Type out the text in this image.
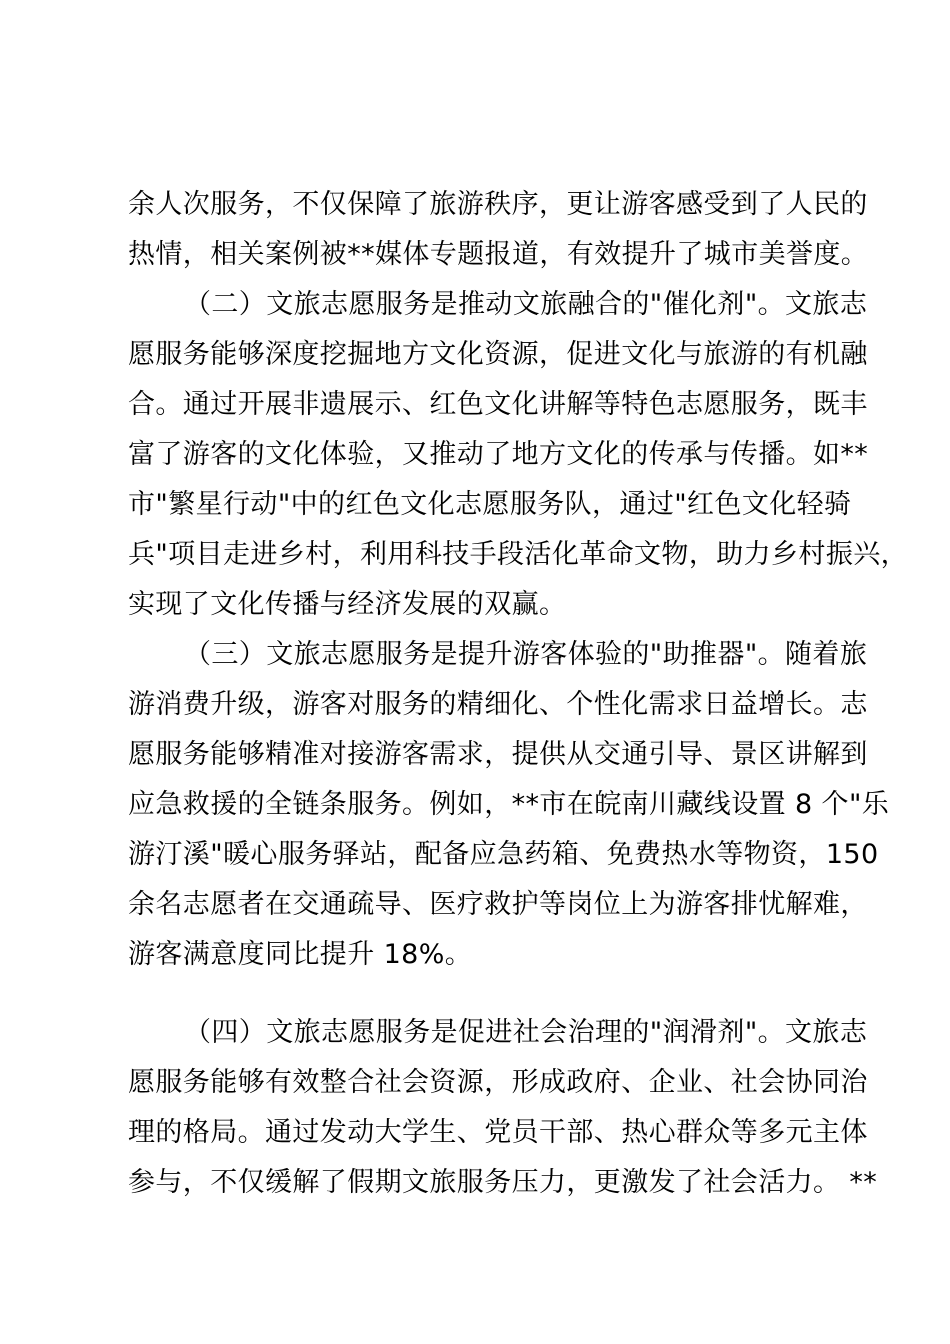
余人次服务，不仅保障了旅游秩序，更让游客感受到了人民的
热情，相关案例被**媒体专题报道，有效提升了城市美誉度。
（二）文旅志愿服务是推动文旅融合的"催化剂"。文旅志
愿服务能够深度挖掘地方文化资源，促进文化与旅游的有机融
合。通过开展非遗展示、红色文化讲解等特色志愿服务，既丰
富了游客的文化体验，又推动了地方文化的传承与传播。如**
市"繁星行动"中的红色文化志愿服务队，通过"红色文化轻骑
兵"项目走进乡村，利用科技手段活化革命文物，助力乡村振兴，
实现了文化传播与经济发展的双赢。
（三）文旅志愿服务是提升游客体验的"助推器"。随着旅
游消费升级，游客对服务的精细化、个性化需求日益增长。志
愿服务能够精准对接游客需求，提供从交通引导、景区讲解到
应急救援的全链条服务。例如，**市在皖南川藏线设置 8 个"乐
游汀溪"暖心服务驿站，配备应急药箱、免费热水等物资，150
余名志愿者在交通疏导、医疗救护等岗位上为游客排忧解难，
游客满意度同比提升 18%。
（四）文旅志愿服务是促进社会治理的"润滑剂"。文旅志
愿服务能够有效整合社会资源，形成政府、企业、社会协同治
理的格局。通过发动大学生、党员干部、热心群众等多元主体
参与，不仅缓解了假期文旅服务压力，更激发了社会活力。 **
